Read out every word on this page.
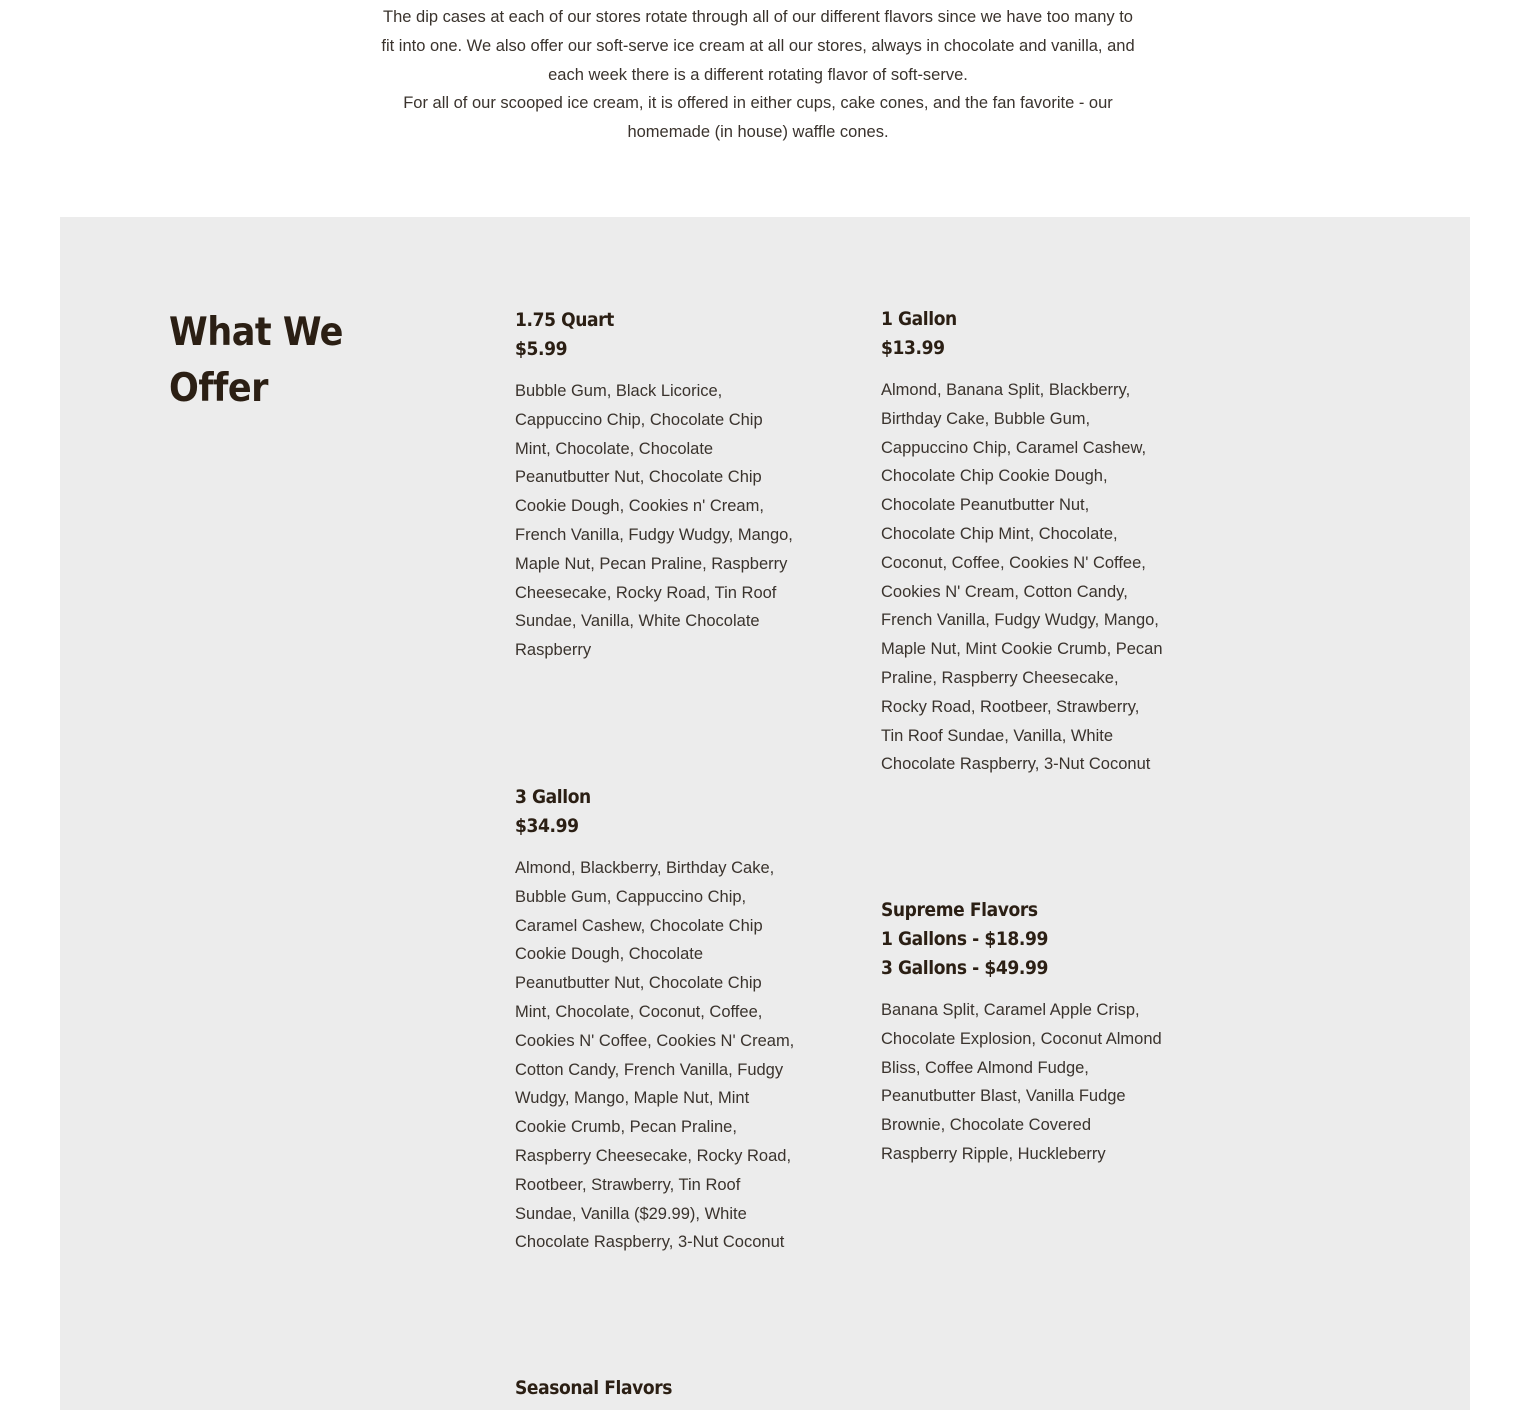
The dip cases at each of our stores rotate through all of our different flavors since we have too many to fit into one. We also offer our soft-serve ice cream at all our stores, always in chocolate and vanilla, and each week there is a different rotating flavor of soft-serve.

For all of our scooped ice cream, it is offered in either cups, cake cones, and the fan favorite - our homemade (in house) waffle cones.

What We Offer
1.75 Quart
$5.99

Bubble Gum, Black Licorice, Cappuccino Chip, Chocolate Chip Mint, Chocolate, Chocolate Peanutbutter Nut, Chocolate Chip Cookie Dough, Cookies n' Cream, French Vanilla, Fudgy Wudgy, Mango, Maple Nut, Pecan Praline, Raspberry Cheesecake, Rocky Road, Tin Roof Sundae, Vanilla, White Chocolate Raspberry

1 Gallon
$13.99

Almond, Banana Split, Blackberry, Birthday Cake, Bubble Gum, Cappuccino Chip, Caramel Cashew, Chocolate Chip Cookie Dough, Chocolate Peanutbutter Nut, Chocolate Chip Mint, Chocolate, Coconut, Coffee, Cookies N' Coffee, Cookies N' Cream, Cotton Candy, French Vanilla, Fudgy Wudgy, Mango, Maple Nut, Mint Cookie Crumb, Pecan Praline, Raspberry Cheesecake, Rocky Road, Rootbeer, Strawberry, Tin Roof Sundae, Vanilla, White Chocolate Raspberry, 3-Nut Coconut

3 Gallon
$34.99

Almond, Blackberry, Birthday Cake, Bubble Gum, Cappuccino Chip, Caramel Cashew, Chocolate Chip Cookie Dough, Chocolate Peanutbutter Nut, Chocolate Chip Mint, Chocolate, Coconut, Coffee, Cookies N' Coffee, Cookies N' Cream, Cotton Candy, French Vanilla, Fudgy Wudgy, Mango, Maple Nut, Mint Cookie Crumb, Pecan Praline, Raspberry Cheesecake, Rocky Road, Rootbeer, Strawberry, Tin Roof Sundae, Vanilla ($29.99), White Chocolate Raspberry, 3-Nut Coconut

Supreme Flavors
1 Gallons - $18.99
3 Gallons - $49.99

Banana Split, Caramel Apple Crisp, Chocolate Explosion, Coconut Almond Bliss, Coffee Almond Fudge, Peanutbutter Blast, Vanilla Fudge Brownie, Chocolate Covered Raspberry Ripple, Huckleberry

Seasonal Flavors
